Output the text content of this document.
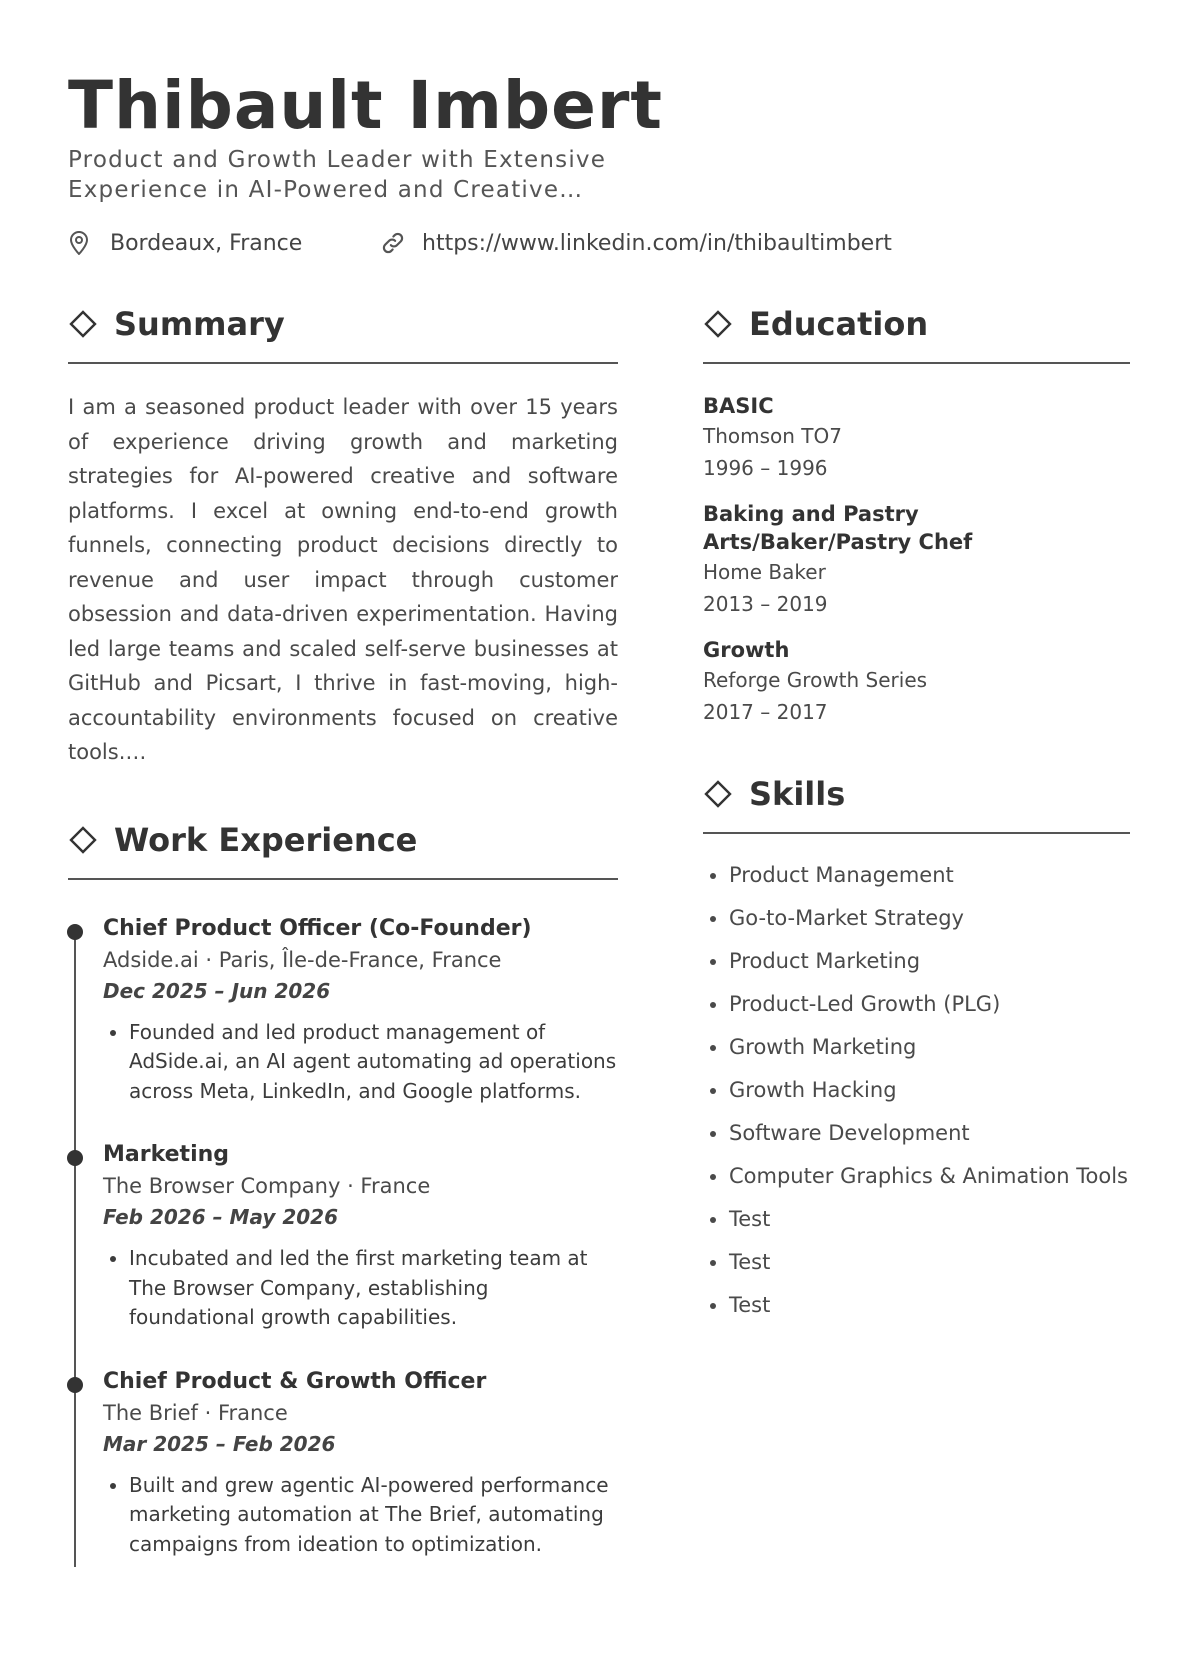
Thibault Imbert

Product and Growth Leader with Extensive Experience in AI-Powered and Creative…

Bordeaux, France	https://www.linkedin.com/in/thibaultimbert
Summary

I am a seasoned product leader with over 15 years of experience driving growth and marketing strategies for AI-powered creative and software platforms. I excel at owning end-to-end growth funnels, connecting product decisions directly to revenue and user impact through customer obsession and data-driven experimentation. Having led large teams and scaled self-serve businesses at GitHub and Picsart, I thrive in fast-moving, high-accountability environments focused on creative tools.…

Work Experience
Chief Product Officer (Co-Founder)
Adside.ai · Paris, Île-de-France, France
Dec 2025 – Jun 2026
• Founded and led product management of AdSide.ai, an AI agent automating ad operations across Meta, LinkedIn, and Google platforms.
Marketing
The Browser Company · France
Feb 2026 – May 2026
• Incubated and led the first marketing team at The Browser Company, establishing foundational growth capabilities.
Chief Product & Growth Officer
The Brief · France
Mar 2025 – Feb 2026
• Built and grew agentic AI-powered performance marketing automation at The Brief, automating campaigns from ideation to optimization.
Education
BASIC
Thomson TO7
1996 – 1996
Baking and Pastry Arts/Baker/Pastry Chef
Home Baker
2013 – 2019
Growth
Reforge Growth Series
2017 – 2017
Skills
• Product Management
• Go-to-Market Strategy
• Product Marketing
• Product-Led Growth (PLG)
• Growth Marketing
• Growth Hacking
• Software Development
• Computer Graphics & Animation Tools
• Test
• Test
• Test
